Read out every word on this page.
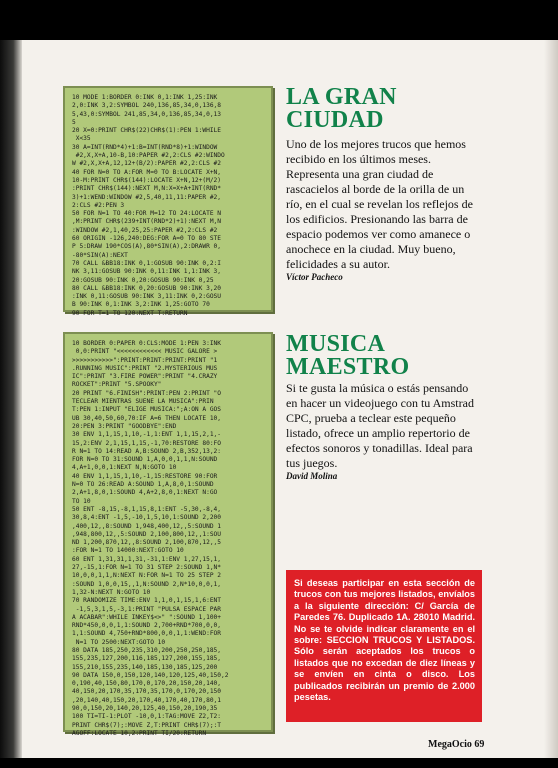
10 MODE 1:BORDER 0:INK 0,1:INK 1,25:INK
2,0:INK 3,2:SYMBOL 240,136,85,34,0,136,8
5,43,0:SYMBOL 241,85,34,0,136,85,34,0,13
5
20 X=0:PRINT CHR$(22)CHR$(1):PEN 1:WHILE
X<35
30 A=INT(RND*4)+1:B=INT(RND*8)+1:WINDOW
#2,X,X+A,10-B,10:PAPER #2,2:CLS #2:WINDO
W #2,X,X+A,12,12+(B/2):PAPER #2,2:CLS #2
40 FOR N=0 TO A:FOR M=0 TO B:LOCATE X+N,
10-M:PRINT CHR$(144):LOCATE X+N,12+(M/2)
:PRINT CHR$(144):NEXT M,N:X=X+A+INT(RND*
3)+1:WEND:WINDOW #2,5,40,11,11:PAPER #2,
2:CLS #2:PEN 3
50 FOR N=1 TO 40:FOR M=12 TO 24:LOCATE N
,M:PRINT CHR$(239+INT(RND*2)+1):NEXT M,N
:WINDOW #2,1,40,25,25:PAPER #2,2:CLS #2
60 ORIGIN -126,240:DEG:FOR A=0 TO 80 STE
P 5:DRAW 190*COS(A),80*SIN(A),2:DRAWR 0,
-80*SIN(A):NEXT
70 CALL &BB18:INK 0,1:GOSUB 90:INK 0,2:I
NK 3,11:GOSUB 90:INK 0,11:INK 1,1:INK 3,
20:GOSUB 90:INK 0,20:GOSUB 90:INK 0,25
80 CALL &BB18:INK 0,20:GOSUB 90:INK 3,20
:INK 0,11:GOSUB 90:INK 3,11:INK 0,2:GOSU
B 90:INK 0,1:INK 3,2:INK 1,25:GOTO 70
90 FOR T=1 TO 120:NEXT T:RETURN
LA GRAN
CIUDAD

Uno de los mejores trucos que hemos recibido en los últimos meses. Representa una gran ciudad de rascacielos al borde de la orilla de un río, en el cual se revelan los reflejos de los edificios. Presionando las barra de espacio podemos ver como amanece o anochece en la ciudad. Muy bueno, felicidades a su autor.
Víctor Pacheco

10 BORDER 0:PAPER 0:CLS:MODE 1:PEN 3:INK
0,0:PRINT "<<<<<<<<<<<< MUSIC GALORE >
>>>>>>>>>>>":PRINT:PRINT:PRINT:PRINT "1
.RUNNING MUSIC":PRINT "2.MYSTERIOUS MUS
IC":PRINT "3.FIRE POWER":PRINT "4.CRAZY
ROCKET":PRINT "5.SPOOKY"
20 PRINT "6.FINISH":PRINT:PEN 2:PRINT "O
TECLEAR MIENTRAS SUENE LA MUSICA":PRIN
T:PEN 1:INPUT "ELIGE MUSICA:";A:ON A GOS
UB 30,40,50,60,70:IF A=6 THEN LOCATE 10,
20:PEN 3:PRINT "GOODBYE":END
30 ENV 1,1,15,1,10,-1,1:ENT 1,1,15,2,1,-
15,2:ENV 2,1,15,1,15,-1,70:RESTORE 80:FO
R N=1 TO 14:READ A,B:SOUND 2,B,352,13,2:
FOR N=0 TO 31:SOUND 1,A,0,0,1,1,N:SOUND
4,A+1,0,0,1:NEXT N,N:GOTO 10
40 ENV 1,1,15,1,10,-1,15:RESTORE 90:FOR
N=0 TO 26:READ A:SOUND 1,A,8,0,1:SOUND
2,A+1,8,0,1:SOUND 4,A+2,8,0,1:NEXT N:GO
TO 10
50 ENT -8,15,-8,1,15,8,1:ENT -5,30,-8,4,
30,8,4:ENT -1,5,-10,1,5,10,1:SOUND 2,200
,400,12,,8:SOUND 1,948,400,12,,5:SOUND 1
,948,800,12,,5:SOUND 2,100,800,12,,1:SOU
ND 1,200,870,12,,8:SOUND 2,100,870,12,,5
:FOR N=1 TO 14000:NEXT:GOTO 10
60 ENT 1,31,31,1,31,-31,1:ENV 1,27,15,1,
27,-15,1:FOR N=1 TO 31 STEP 2:SOUND 1,N*
10,0,0,1,1,N:NEXT N:FOR N=1 TO 25 STEP 2
:SOUND 1,0,0,15,,1,N:SOUND 2,N*10,0,0,1,
1,32-N:NEXT N:GOTO 10
70 RANDOMIZE TIME:ENV 1,1,0,1,15,1,6:ENT
-1,5,3,1,5,-3,1:PRINT "PULSA ESPACE PAR
A ACABAR":WHILE INKEY$<>" ":SOUND 1,100+
RND*450,0,0,1,1:SOUND 2,700+RND*700,0,0,
1,1:SOUND 4,750+RND*800,0,0,1,1:WEND:FOR
N=1 TO 2500:NEXT:GOTO 10
80 DATA 185,250,235,310,200,250,250,185,
155,235,127,200,116,185,127,200,155,185,
155,210,155,235,140,185,130,185,125,200
90 DATA 150,0,150,120,140,120,125,40,150,2
0,190,40,150,80,170,0,170,20,150,20,140,
40,150,20,170,35,170,35,170,0,170,20,150
,20,140,40,150,20,170,40,170,40,170,80,1
90,0,150,20,140,20,125,40,150,20,190,35
100 TI=TI-1:PLOT -10,0,1:TAG:MOVE Z2,T2:
PRINT CHR$(7);:MOVE Z,T:PRINT CHR$(7);:T
AGOFF:LOCATE 10,2:PRINT TI/20:RETURN
MUSICA
MAESTRO

Si te gusta la música o estás pensando en hacer un videojuego con tu Amstrad CPC, prueba a teclear este pequeño listado, ofrece un amplio repertorio de efectos sonoros y tonadillas. Ideal para tus juegos.
David Molina

Si deseas participar en esta sección de trucos con tus mejores listados, envíalos a la siguiente dirección: C/ García de Paredes 76. Duplicado 1A. 28010 Madrid. No se te olvide indicar claramente en el sobre: SECCION TRUCOS Y LISTADOS. Sólo serán aceptados los trucos o listados que no excedan de diez líneas y se envíen en cinta o disco. Los publicados recibirán un premio de 2.000 pesetas.
MegaOcio 69
